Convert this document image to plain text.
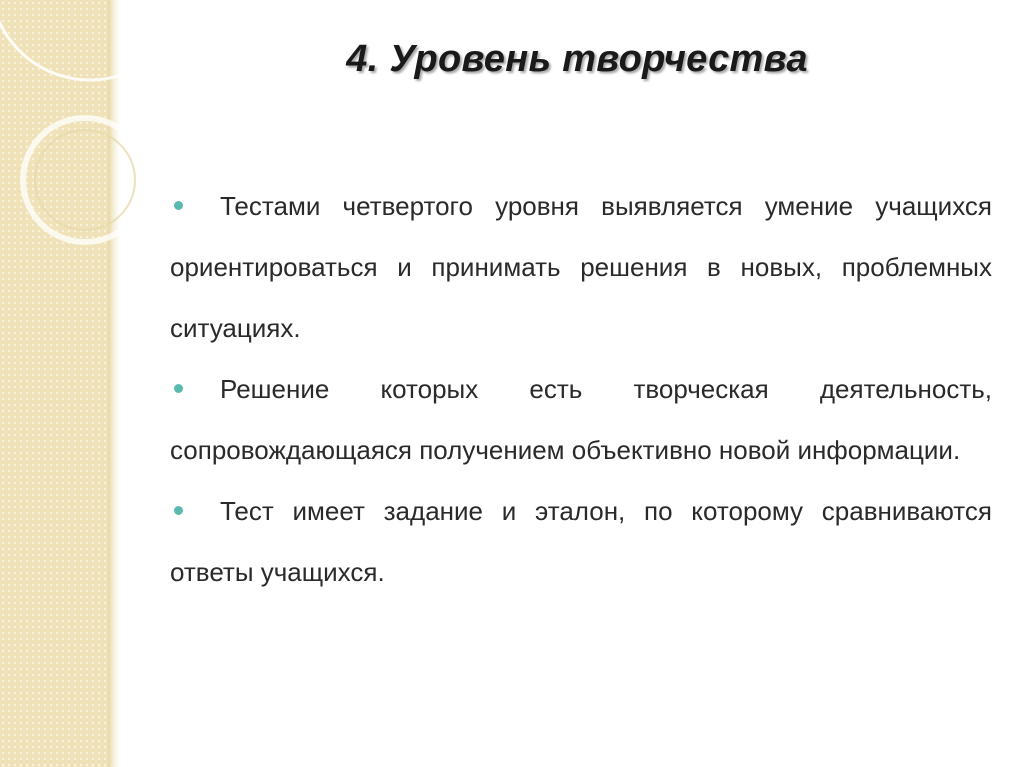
4. Уровень творчества

Тестами четвертого уровня выявляется умение учащихся ориентироваться и принимать решения в новых, проблемных ситуациях.

Решение которых есть творческая деятельность, сопровождающаяся получением объективно новой информации.

Тест имеет задание и эталон, по которому сравниваются ответы учащихся.
